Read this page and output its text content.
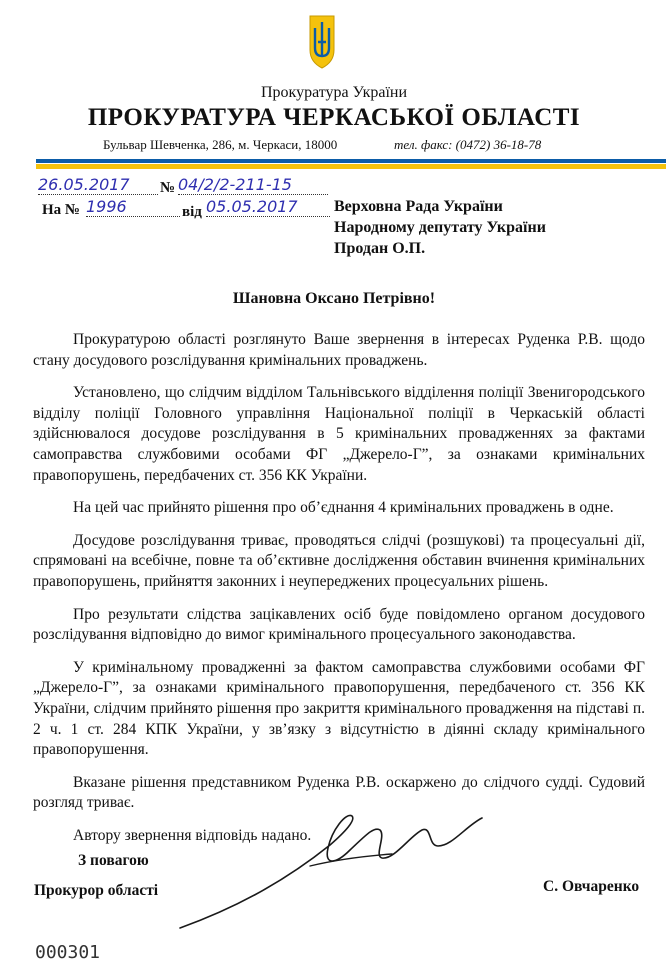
Прокуратура України
ПРОКУРАТУРА ЧЕРКАСЬКОЇ ОБЛАСТІ
Бульвар Шевченка, 286, м. Черкаси, 18000	тел. факс: (0472) 36-18-78
26.05.2017	№ 04/2/2-211-15
На № 1996	від 05.05.2017	Верховна Рада України
Народному депутату України
Продан О.П.
Шановна Оксано Петрівно!

Прокуратурою області розглянуто Ваше звернення в інтересах Руденка Р.В. щодо стану досудового розслідування кримінальних проваджень.

Установлено, що слідчим відділом Тальнівського відділення поліції Звенигородського відділу поліції Головного управління Національної поліції в Черкаській області здійснювалося досудове розслідування в 5 кримінальних провадженнях за фактами самоправства службовими особами ФГ „Джерело-Г”, за ознаками кримінальних правопорушень, передбачених ст. 356 КК України.

На цей час прийнято рішення про об’єднання 4 кримінальних проваджень в одне.

Досудове розслідування триває, проводяться слідчі (розшукові) та процесуальні дії, спрямовані на всебічне, повне та об’єктивне дослідження обставин вчинення кримінальних правопорушень, прийняття законних і неупереджених процесуальних рішень.

Про результати слідства зацікавлених осіб буде повідомлено органом досудового розслідування відповідно до вимог кримінального процесуального законодавства.

У кримінальному провадженні за фактом самоправства службовими особами ФГ „Джерело-Г”, за ознаками кримінального правопорушення, передбаченого ст. 356 КК України, слідчим прийнято рішення про закриття кримінального провадження на підставі п. 2 ч. 1 ст. 284 КПК України, у зв’язку з відсутністю в діянні складу кримінального правопорушення.

Вказане рішення представником Руденка Р.В. оскаржено до слідчого судді. Судовий розгляд триває.

Автору звернення відповідь надано.

З повагою
Прокурор області	С. Овчаренко
000301
